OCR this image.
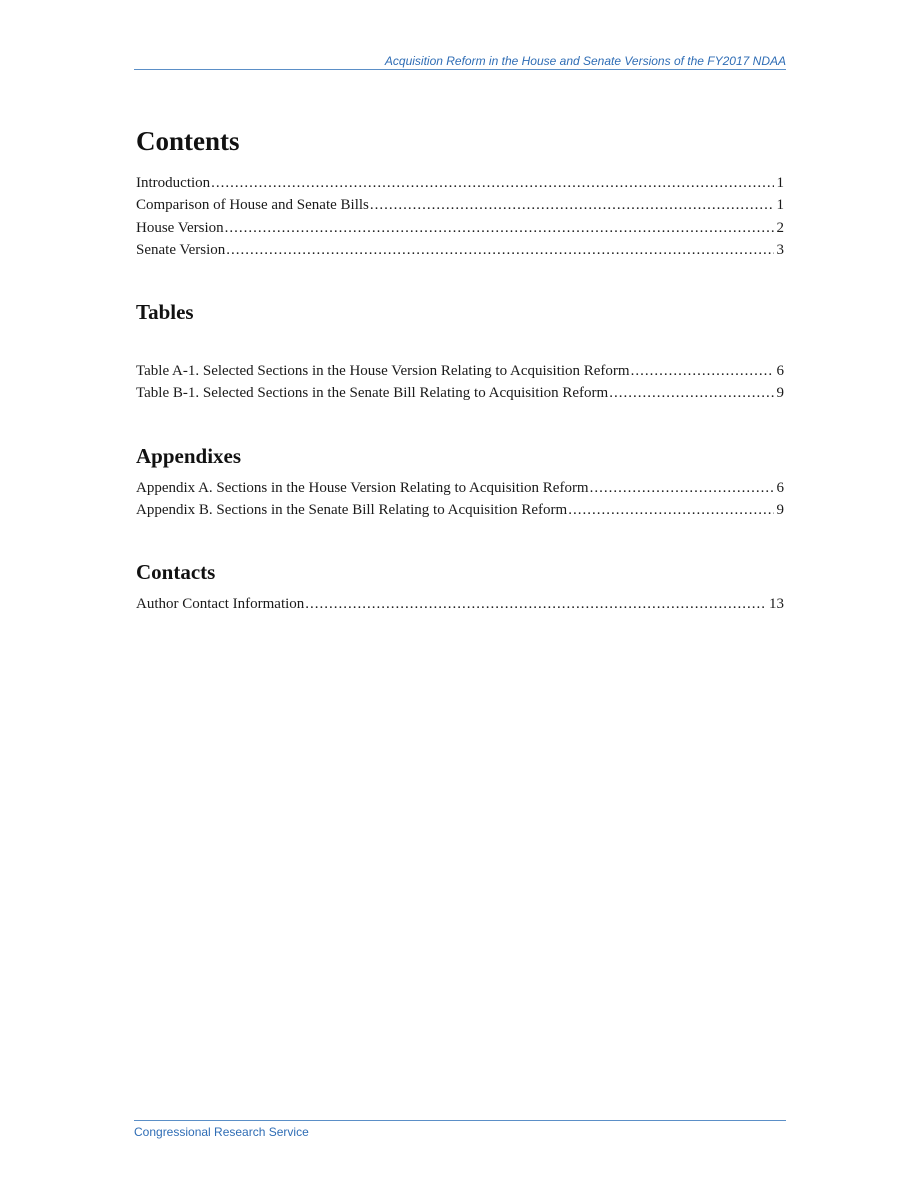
Acquisition Reform in the House and Senate Versions of the FY2017 NDAA
Contents
Introduction .....	1
Comparison of House and Senate Bills .....	1
House Version .....	2
Senate Version .....	3
Tables
Table A-1. Selected Sections in the House Version Relating to Acquisition Reform .....	6
Table B-1. Selected Sections in the Senate Bill Relating to Acquisition Reform .....	9
Appendixes
Appendix A. Sections in the House Version Relating to Acquisition Reform .....	6
Appendix B. Sections in the Senate Bill Relating to Acquisition Reform .....	9
Contacts
Author Contact Information .....	13
Congressional Research Service
